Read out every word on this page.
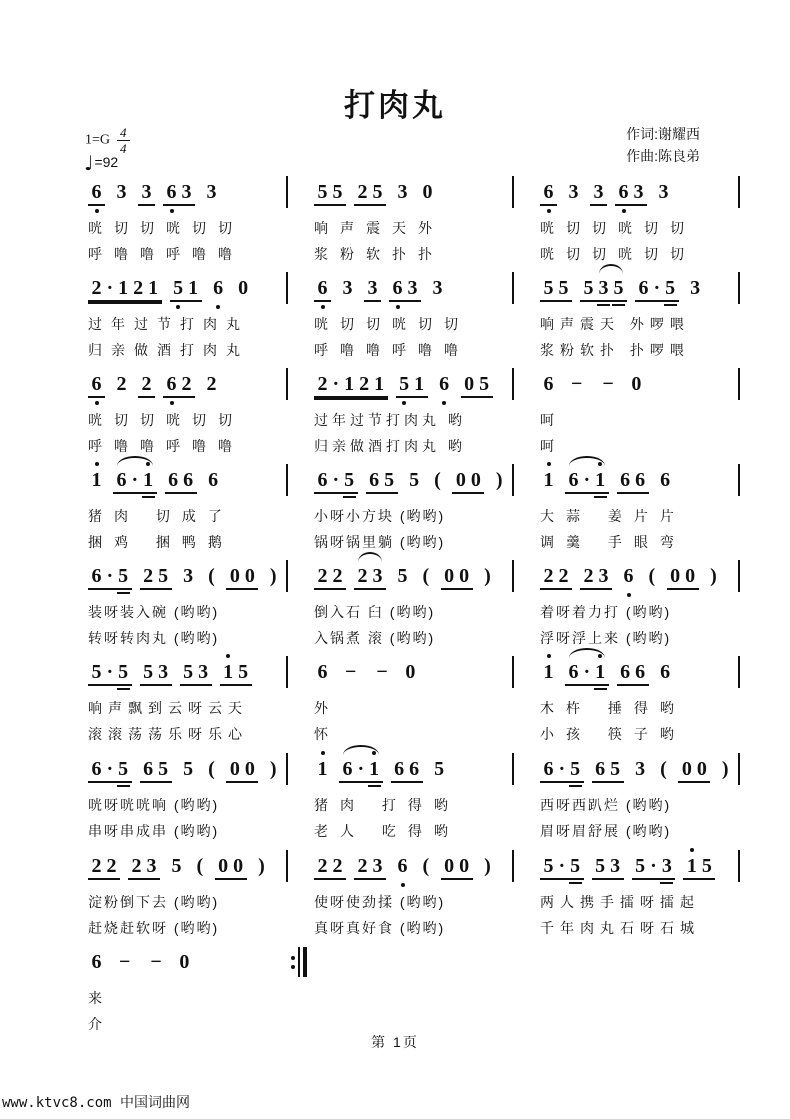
打肉丸
$1=G \frac{4}{4}$
♩=92
作词:谢耀西
作曲:陈良弟
6 3 3 6 3 3
咣切切咣切切
呼噜噜呼噜噜
5 5 2 5 3 0
响声震天外
浆粉软扑扑
6 3 3 6 3 3
咣切切咣切切
咣切切咣切切
2 · 1 2 1 5 1 6 0
过年过节打肉丸
归亲做酒打肉丸
6 3 3 6 3 3
咣切切咣切切
呼噜噜呼噜噜
5 5 5 3 5 6 · 5 3
响声震天 外啰喂
浆粉软扑 扑啰喂
6 2 2 6 2 2
咣切切咣切切
呼噜噜呼噜噜
2 · 1 2 1 5 1 6 0 5
过年过节打肉丸 哟
归亲做酒打肉丸 哟
6 −	− 0
呵
呵
1 6 · 1 6 6 6
猪肉 切成了
捆鸡 捆鸭鹅
6 · 5 6 5 5 ( 0 0 )
小呀小方块 (哟哟)
锅呀锅里躺 (哟哟)
1 6 · 1 6 6 6
大蒜 姜片片
调羹 手眼弯
6 · 5 2 5 3 ( 0 0 )
装呀装入碗 (哟哟)
转呀转肉丸 (哟哟)
2 2 2 3 5 ( 0 0 )
倒入石 臼 (哟哟)
入锅煮 滚 (哟哟)
2 2 2 3 6 ( 0 0 )
着呀着力打 (哟哟)
浮呀浮上来 (哟哟)
5 · 5 5 3 5 3 1 5
响声飘到云呀云天
滚滚荡荡乐呀乐心
6 −	− 0
外
怀
1 6 · 1 6 6 6
木杵 捶得哟
小孩 筷子哟
6 · 5 6 5 5 ( 0 0 )
咣呀咣咣响 (哟哟)
串呀串成串 (哟哟)
1 6 · 1 6 6 5
猪肉 打得哟
老人 吃得哟
6 · 5 6 5 3 ( 0 0 )
西呀西趴烂 (哟哟)
眉呀眉舒展 (哟哟)
2 2 2 3 5 ( 0 0 )
淀粉倒下去 (哟哟)
赶烧赶软呀 (哟哟)
2 2 2 3 6 ( 0 0 )
使呀使劲揉 (哟哟)
真呀真好食 (哟哟)
5 · 5 5 3 5 · 3 1 5
两人携手擂呀擂起
千年肉丸石呀石城
6 −	− 0
来
介
第 1页
www.ktvc8.com 中国词曲网
